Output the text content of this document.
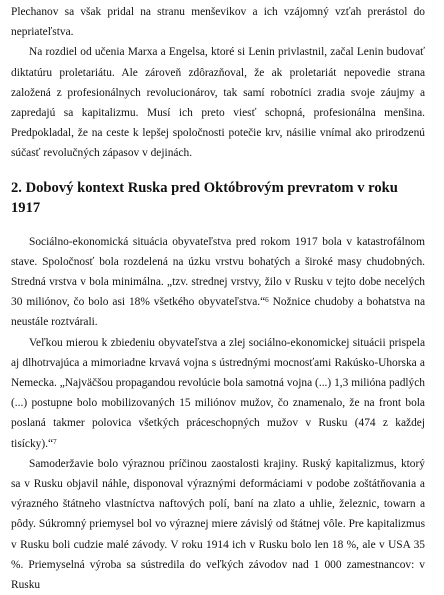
Plechanov sa však pridal na stranu menševikov a ich vzájomný vzťah prerástol do nepriateľstva.

Na rozdiel od učenia Marxa a Engelsa, ktoré si Lenin privlastnil, začal Lenin budovať diktatúru proletariátu. Ale zároveň zdôrazňoval, že ak proletariát nepovedie strana založená z profesionálnych revolucionárov, tak samí robotníci zradia svoje záujmy a zapredajú sa kapitalizmu. Musí ich preto viesť schopná, profesionálna menšina. Predpokladal, že na ceste k lepšej spoločnosti potečie krv, násilie vnímal ako prirodzenú súčasť revolučných zápasov v dejinách.

2. Dobový kontext Ruska pred Októbrovým prevratom v roku 1917

Sociálno-ekonomická situácia obyvateľstva pred rokom 1917 bola v katastrofálnom stave. Spoločnosť bola rozdelená na úzku vrstvu bohatých a široké masy chudobných. Stredná vrstva v bola minimálna. „tzv. strednej vrstvy, žilo v Rusku v tejto dobe necelých 30 miliónov, čo bolo asi 18% všetkého obyvateľstva.“$^6$ Nožnice chudoby a bohatstva na neustále roztvárali.

Veľkou mierou k zbiedeniu obyvateľstva a zlej sociálno-ekonomickej situácii prispela aj dlhotrvajúca a mimoriadne krvavá vojna s ústrednými mocnosťami Rakúsko-Uhorska a Nemecka. „Najväčšou propagandou revolúcie bola samotná vojna (...) 1,3 milióna padlých (...) postupne bolo mobilizovaných 15 miliónov mužov, čo znamenalo, že na front bola poslaná takmer polovica všetkých práceschopných mužov v Rusku (474 z každej tisícky).“$^7$

Samoderžavie bolo výraznou príčinou zaostalosti krajiny. Ruský kapitalizmus, ktorý sa v Rusku objavil náhle, disponoval výraznými deformáciami v podobe zoštátňovania a výrazného štátneho vlastníctva naftových polí, baní na zlato a uhlie, železnic, towarn a pôdy. Súkromný priemysel bol vo výraznej miere závislý od štátnej vôle. Pre kapitalizmus v Rusku boli cudzie malé závody. V roku 1914 ich v Rusku bolo len 18 %, ale v USA 35 %. Priemyselná výroba sa sústredila do veľkých závodov nad 1 000 zamestnancov: v Rusku
